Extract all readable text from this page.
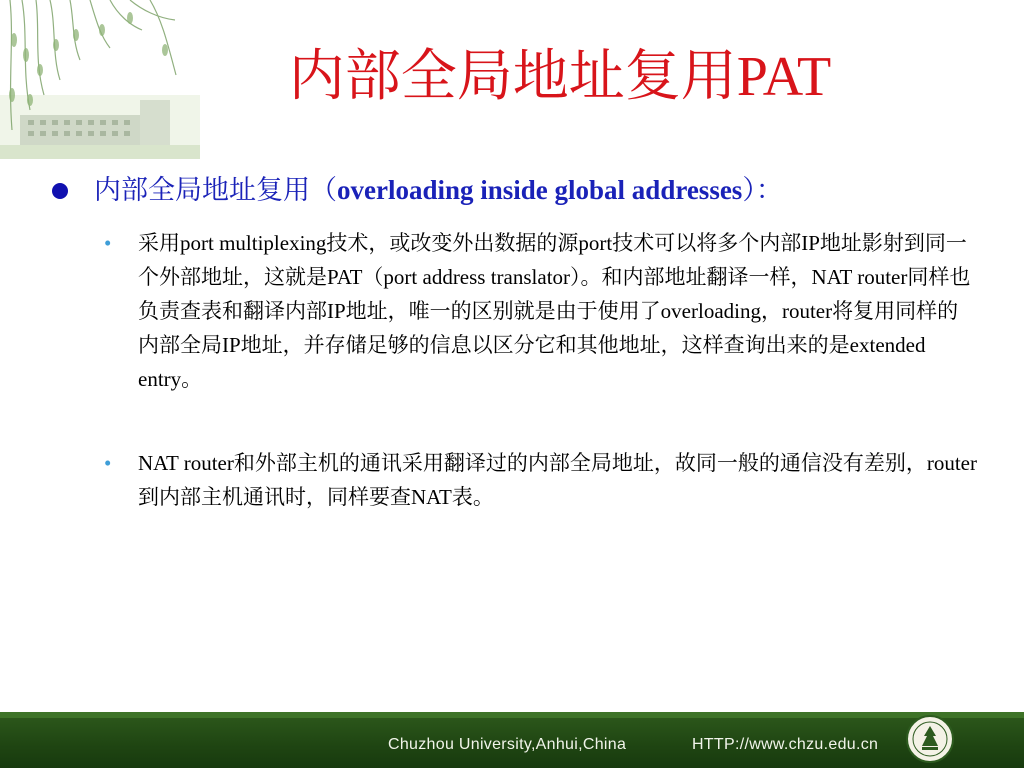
内部全局地址复用PAT
内部全局地址复用（overloading inside global addresses）：
• 采用port multiplexing技术，或改变外出数据的源port技术可以将多个内部IP地址影射到同一个外部地址，这就是PAT（port address translator）。和内部地址翻译一样，NAT router同样也负责查表和翻译内部IP地址，唯一的区别就是由于使用了overloading，router将复用同样的内部全局IP地址，并存储足够的信息以区分它和其他地址，这样查询出来的是extended entry。
• NAT router和外部主机的通讯采用翻译过的内部全局地址，故同一般的通信没有差别，router到内部主机通讯时，同样要查NAT表。
Chuzhou University,Anhui,China	HTTP://www.chzu.edu.cn
